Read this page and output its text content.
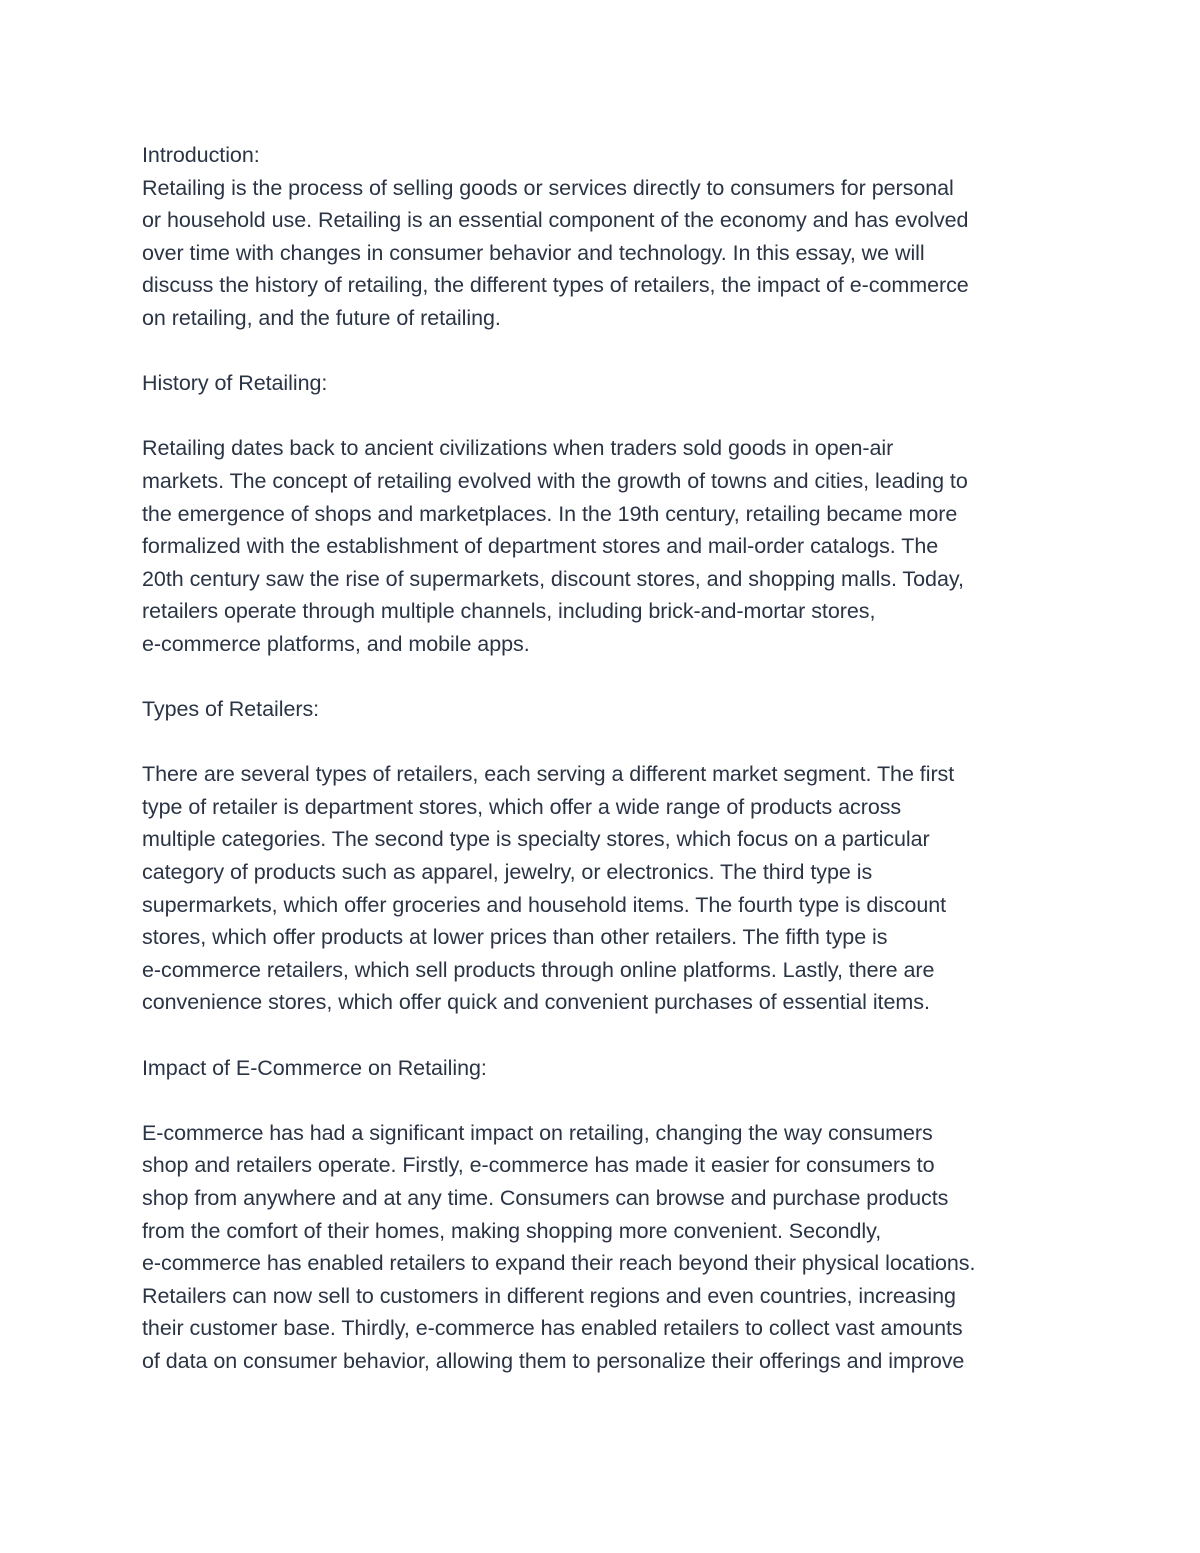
Introduction:
Retailing is the process of selling goods or services directly to consumers for personal
or household use. Retailing is an essential component of the economy and has evolved
over time with changes in consumer behavior and technology. In this essay, we will
discuss the history of retailing, the different types of retailers, the impact of e-commerce
on retailing, and the future of retailing.
History of Retailing:
Retailing dates back to ancient civilizations when traders sold goods in open-air
markets. The concept of retailing evolved with the growth of towns and cities, leading to
the emergence of shops and marketplaces. In the 19th century, retailing became more
formalized with the establishment of department stores and mail-order catalogs. The
20th century saw the rise of supermarkets, discount stores, and shopping malls. Today,
retailers operate through multiple channels, including brick-and-mortar stores,
e-commerce platforms, and mobile apps.
Types of Retailers:
There are several types of retailers, each serving a different market segment. The first
type of retailer is department stores, which offer a wide range of products across
multiple categories. The second type is specialty stores, which focus on a particular
category of products such as apparel, jewelry, or electronics. The third type is
supermarkets, which offer groceries and household items. The fourth type is discount
stores, which offer products at lower prices than other retailers. The fifth type is
e-commerce retailers, which sell products through online platforms. Lastly, there are
convenience stores, which offer quick and convenient purchases of essential items.
Impact of E-Commerce on Retailing:
E-commerce has had a significant impact on retailing, changing the way consumers
shop and retailers operate. Firstly, e-commerce has made it easier for consumers to
shop from anywhere and at any time. Consumers can browse and purchase products
from the comfort of their homes, making shopping more convenient. Secondly,
e-commerce has enabled retailers to expand their reach beyond their physical locations.
Retailers can now sell to customers in different regions and even countries, increasing
their customer base. Thirdly, e-commerce has enabled retailers to collect vast amounts
of data on consumer behavior, allowing them to personalize their offerings and improve
